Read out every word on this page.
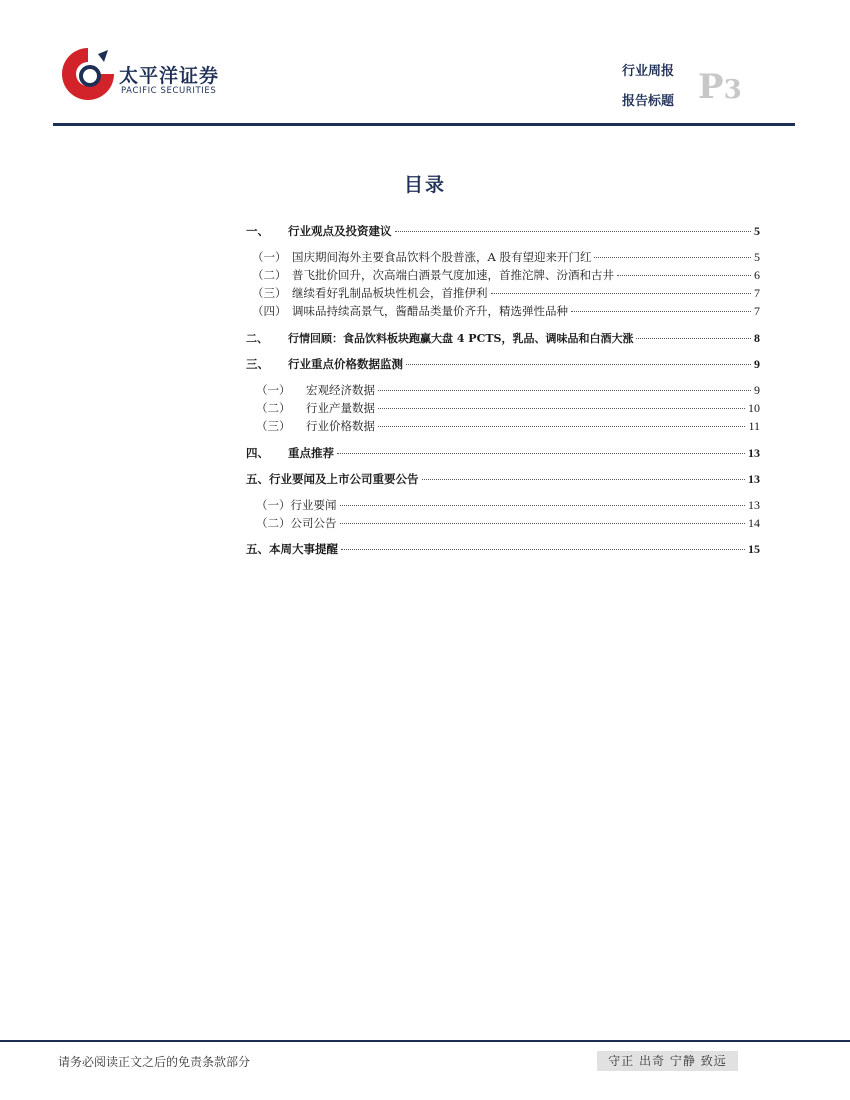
太平洋证券
PACIFIC SECURITIES
行业周报
报告标题 P3
目录
一、	行业观点及投资建议	5
（一） 国庆期间海外主要食品饮料个股普涨，A 股有望迎来开门红	5
（二） 普飞批价回升，次高端白酒景气度加速，首推沱牌、汾酒和古井	6
（三） 继续看好乳制品板块性机会，首推伊利	7
（四） 调味品持续高景气，酱醋品类量价齐升，精选弹性品种	7
二、	行情回顾：食品饮料板块跑赢大盘 4 PCTS，乳品、调味品和白酒大涨	8
三、	行业重点价格数据监测	9
（一）	宏观经济数据	9
（二）	行业产量数据	10
（三）	行业价格数据	11
四、	重点推荐	13
五、 行业要闻及上市公司重要公告	13
（一） 行业要闻	13
（二） 公司公告	14
五、 本周大事提醒	15
请务必阅读正文之后的免责条款部分	守正 出奇 宁静 致远
